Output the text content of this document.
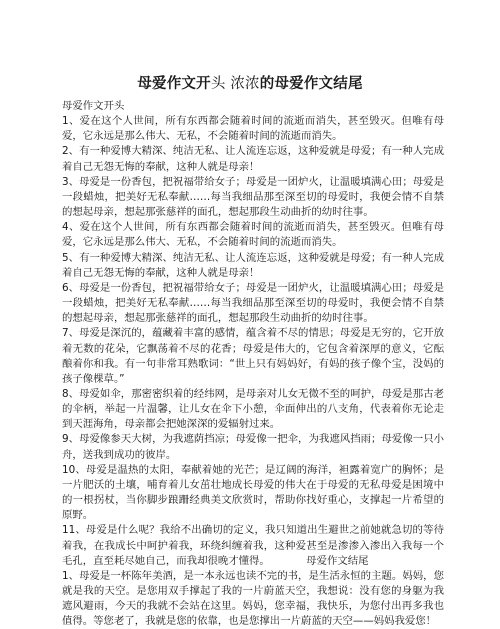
母爱作文开头 浓浓的母爱作文结尾

母爱作文开头

1、爱在这个人世间，所有东西都会随着时间的流逝而消失，甚至毁灭。但唯有母爱，它永远是那么伟大、无私，不会随着时间的流逝而消失。

2、有一种爱博大精深、纯洁无私、让人流连忘返，这种爱就是母爱；有一种人完成着自己无怨无悔的奉献，这种人就是母亲！

3、母爱是一份香包，把祝福带给女子；母爱是一团炉火，让温暖填满心田；母爱是一段蜡烛，把美好无私奉献……每当我细品那至深至切的母爱时，我便会情不自禁的想起母亲，想起那张慈祥的面孔，想起那段生动曲折的幼时往事。

4、爱在这个人世间，所有东西都会随着时间的流逝而消失，甚至毁灭。但唯有母爱，它永远是那么伟大、无私，不会随着时间的流逝而消失。

5、有一种爱博大精深、纯洁无私、让人流连忘返，这种爱就是母爱；有一种人完成着自己无怨无悔的奉献，这种人就是母亲！

6、母爱是一份香包，把祝福带给女子；母爱是一团炉火，让温暖填满心田；母爱是一段蜡烛，把美好无私奉献……每当我细品那至深至切的母爱时，我便会情不自禁的想起母亲，想起那张慈祥的面孔，想起那段生动曲折的幼时往事。

7、母爱是深沉的，蕴藏着丰富的感情，蕴含着不尽的情思；母爱是无穷的，它开放着无数的花朵，它飘荡着不尽的花香；母爱是伟大的，它包含着深厚的意义，它酝酿着你和我。有一句非常耳熟歌词：“世上只有妈妈好，有妈的孩子像个宝，没妈的孩子像棵草。”

8、母爱如伞，那密密织着的经纬网，是母亲对儿女无微不至的呵护，母爱是那古老的伞柄，举起一片温馨，让儿女在伞下小憩，伞面伸出的八支角，代表着你无论走到天涯海角，母亲都会把她深深的爱辐射过来。

9、母爱像参天大树，为我遮荫挡凉；母爱像一把伞，为我遮风挡雨；母爱像一只小舟，送我到成功的彼岸。

10、母爱是温热的太阳，奉献着她的光芒；是辽阔的海洋，袒露着宽广的胸怀；是一片肥沃的土壤，哺育着儿女茁壮地成长母爱的伟大在于母爱的无私母爱是困境中的一根拐杖，当你脚步踉跚经典美文欣赏时，帮助你找好重心，支撑起一片希望的原野。

11、母爱是什么呢？我给不出确切的定义，我只知道出生避世之前她就急切的等待着我，在我成长中呵护着我，环绕纠缠着我，这种爱甚至是渗渗入渗出入我每一个毛孔，直至耗尽她自己，而我却很晚才懂得。　　　　母爱作文结尾

1、母爱是一杯陈年美酒，是一本永远也读不完的书，是生活永恒的主题。妈妈，您就是我的天空。是您用双手撑起了我的一片蔚蓝天空，我想说：没有您的身躯为我遮风避雨，今天的我就不会站在这里。妈妈，您幸福，我快乐，为您付出再多我也值得。等您老了，我就是您的依靠，也是您撑出一片蔚蓝的天空——妈妈我爱您！
